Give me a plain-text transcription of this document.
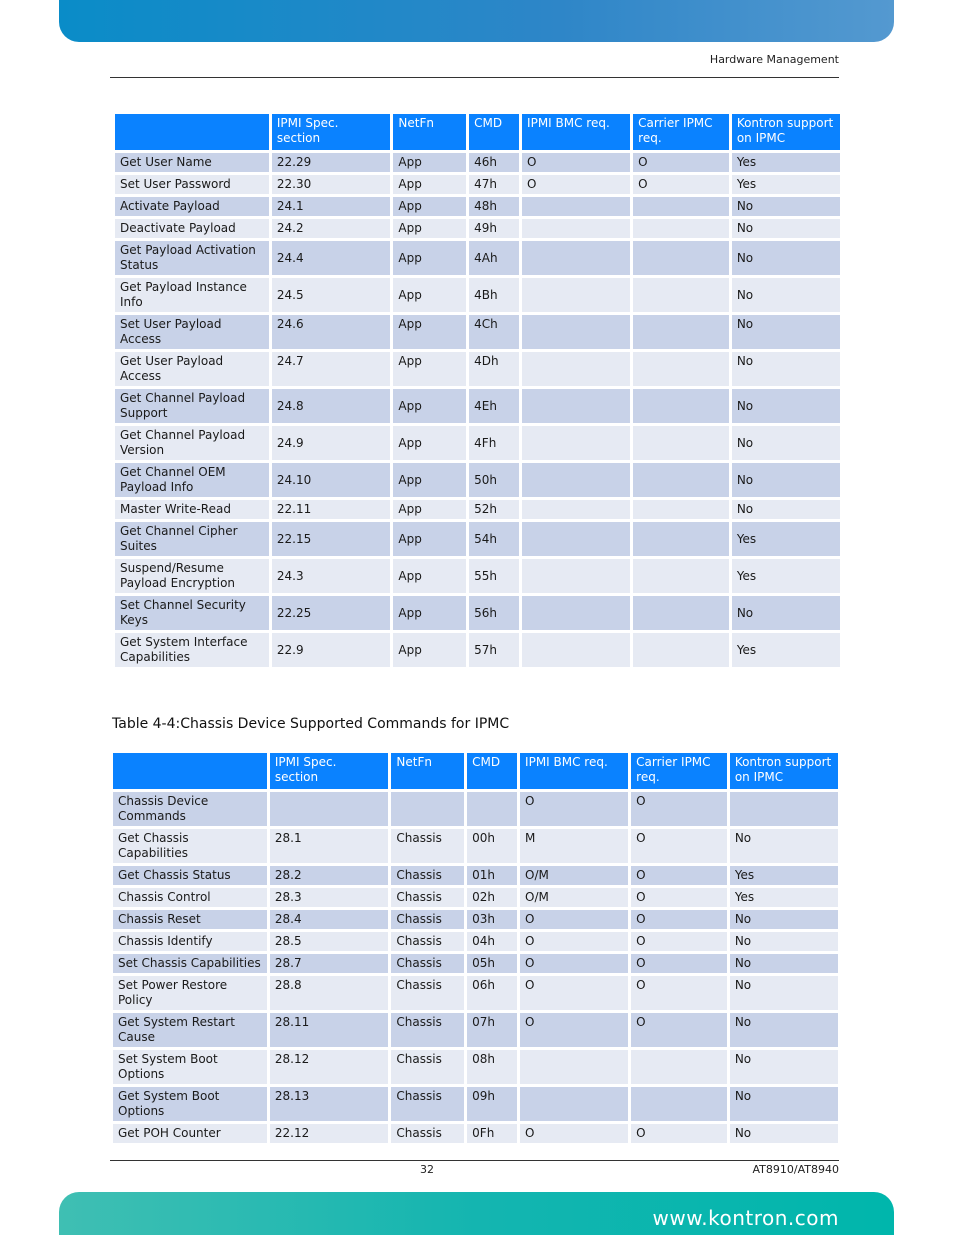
Hardware Management
	IPMI Spec. section	NetFn	CMD	IPMI BMC req.	Carrier IPMC req.	Kontron support on IPMC
Get User Name	22.29	App	46h	O	O	Yes
Set User Password	22.30	App	47h	O	O	Yes
Activate Payload	24.1	App	48h			No
Deactivate Payload	24.2	App	49h			No
Get Payload Activation Status	24.4	App	4Ah			No
Get Payload Instance Info	24.5	App	4Bh			No
Set User Payload Access	24.6	App	4Ch			No
Get User Payload Access	24.7	App	4Dh			No
Get Channel Payload Support	24.8	App	4Eh			No
Get Channel Payload Version	24.9	App	4Fh			No
Get Channel OEM Payload Info	24.10	App	50h			No
Master Write-Read	22.11	App	52h			No
Get Channel Cipher Suites	22.15	App	54h			Yes
Suspend/Resume Payload Encryption	24.3	App	55h			Yes
Set Channel Security Keys	22.25	App	56h			No
Get System Interface Capabilities	22.9	App	57h			Yes
Table 4-4:Chassis Device Supported Commands for IPMC
	IPMI Spec. section	NetFn	CMD	IPMI BMC req.	Carrier IPMC req.	Kontron support on IPMC
Chassis Device Commands				O	O	
Get Chassis Capabilities	28.1	Chassis	00h	M	O	No
Get Chassis Status	28.2	Chassis	01h	O/M	O	Yes
Chassis Control	28.3	Chassis	02h	O/M	O	Yes
Chassis Reset	28.4	Chassis	03h	O	O	No
Chassis Identify	28.5	Chassis	04h	O	O	No
Set Chassis Capabilities	28.7	Chassis	05h	O	O	No
Set Power Restore Policy	28.8	Chassis	06h	O	O	No
Get System Restart Cause	28.11	Chassis	07h	O	O	No
Set System Boot Options	28.12	Chassis	08h			No
Get System Boot Options	28.13	Chassis	09h			No
Get POH Counter	22.12	Chassis	0Fh	O	O	No
32	AT8910/AT8940
www.kontron.com
